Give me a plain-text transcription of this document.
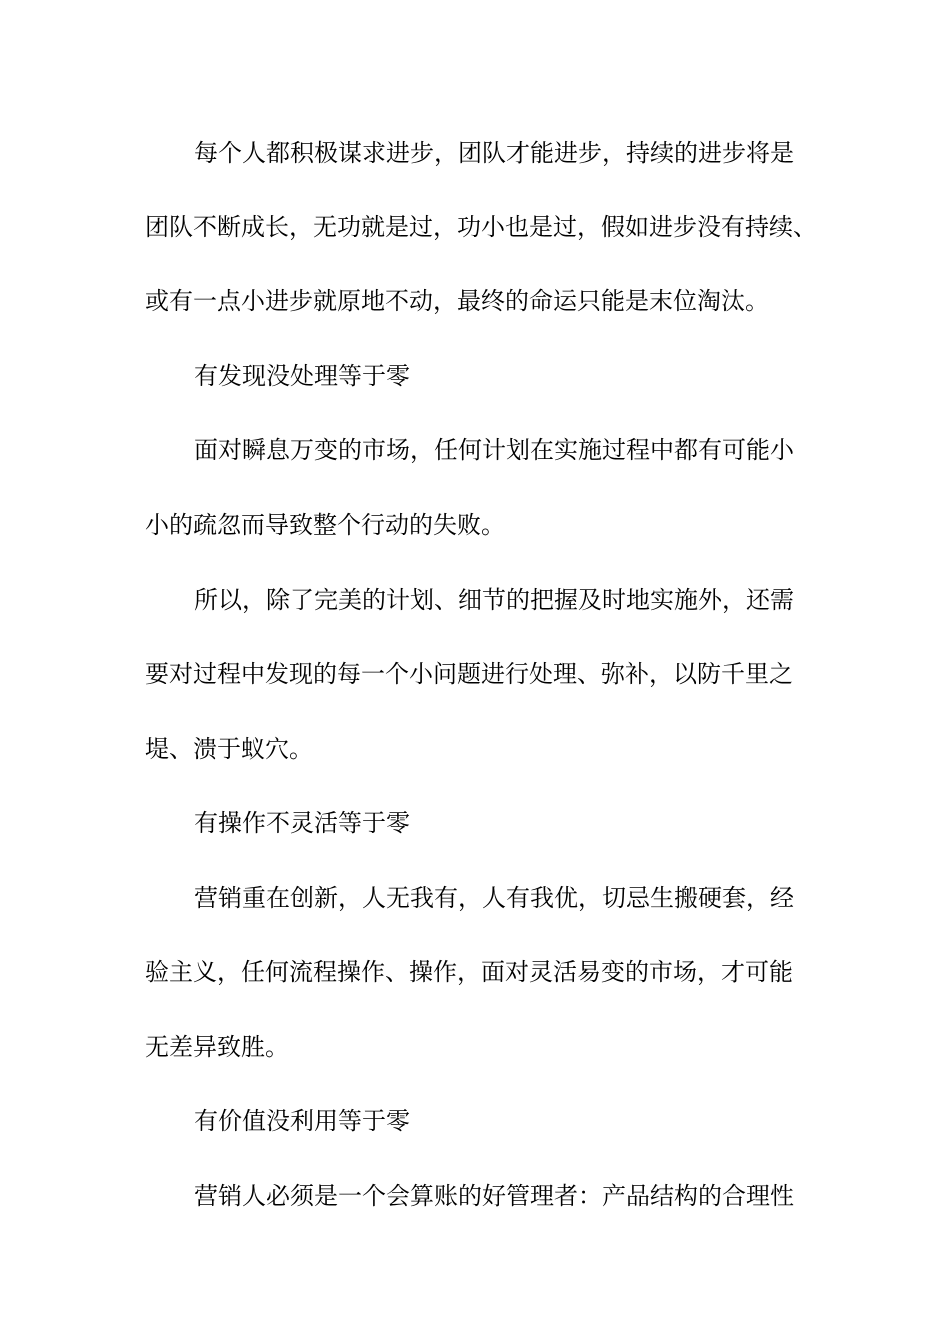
每个人都积极谋求进步，团队才能进步，持续的进步将是

团队不断成长，无功就是过，功小也是过，假如进步没有持续、

或有一点小进步就原地不动，最终的命运只能是末位淘汰。

有发现没处理等于零

面对瞬息万变的市场，任何计划在实施过程中都有可能小

小的疏忽而导致整个行动的失败。

所以，除了完美的计划、细节的把握及时地实施外，还需

要对过程中发现的每一个小问题进行处理、弥补，以防千里之

堤、溃于蚁穴。

有操作不灵活等于零

营销重在创新，人无我有，人有我优，切忌生搬硬套，经

验主义，任何流程操作、操作，面对灵活易变的市场，才可能

无差异致胜。

有价值没利用等于零

营销人必须是一个会算账的好管理者：产品结构的合理性
